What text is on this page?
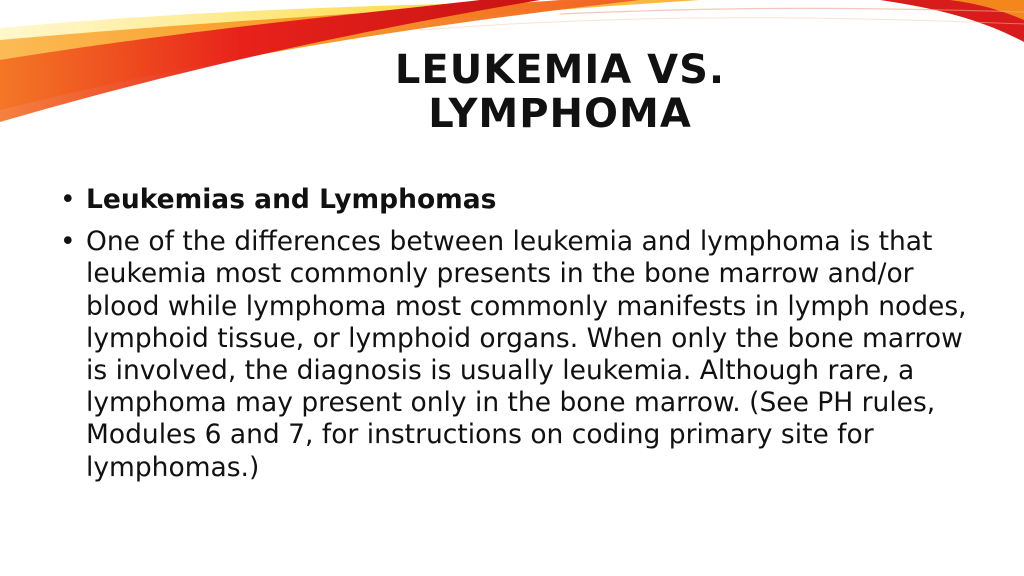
LEUKEMIA VS.
LYMPHOMA
• Leukemias and Lymphomas
• One of the differences between leukemia and lymphoma is that leukemia most commonly presents in the bone marrow and/or blood while lymphoma most commonly manifests in lymph nodes, lymphoid tissue, or lymphoid organs. When only the bone marrow is involved, the diagnosis is usually leukemia. Although rare, a lymphoma may present only in the bone marrow. (See PH rules, Modules 6 and 7, for instructions on coding primary site for lymphomas.)
